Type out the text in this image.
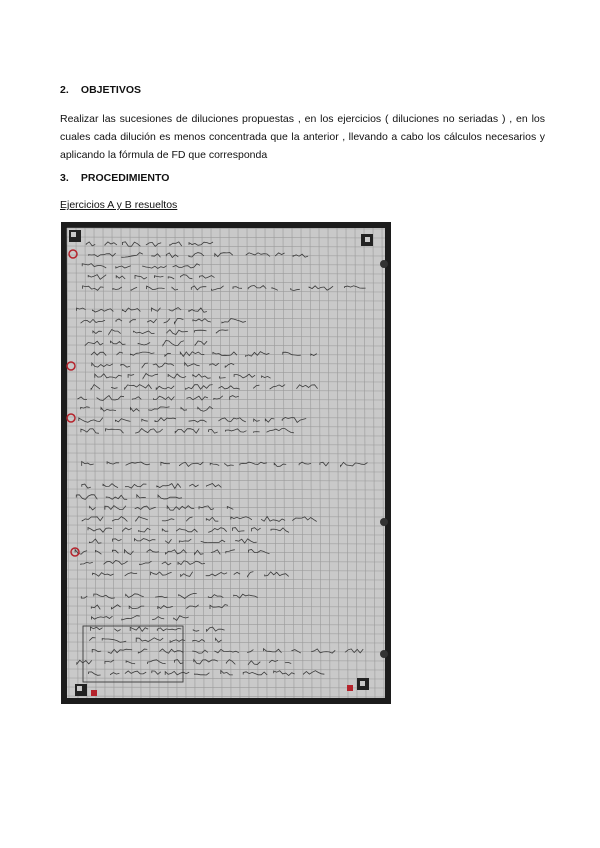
2. OBJETIVOS
Realizar las sucesiones de diluciones propuestas , en los ejercicios ( diluciones no seriadas ) , en los cuales cada dilución es menos concentrada que la anterior , llevando a cabo los cálculos necesarios y aplicando la fórmula de FD que corresponda
3. PROCEDIMIENTO
Ejercicios A y B resueltos
